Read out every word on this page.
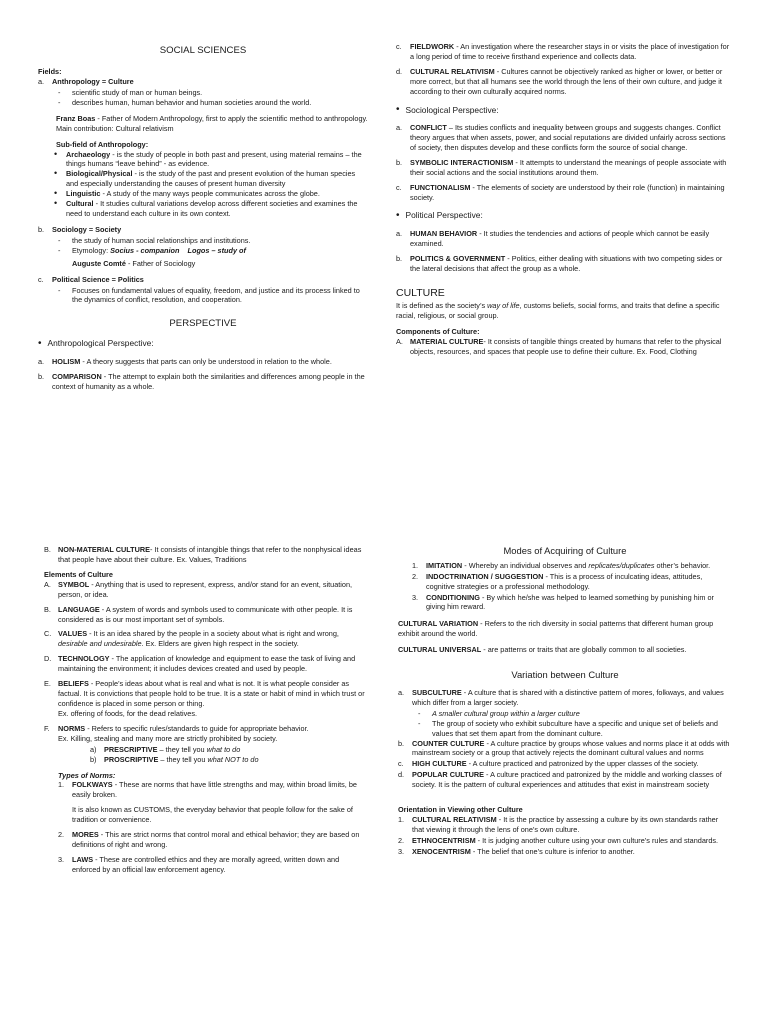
SOCIAL SCIENCES
Fields:
a.	Anthropology = Culture
-	scientific study of man or human beings.
-	describes human, human behavior and human societies around the world.
Franz Boas - Father of Modern Anthropology, first to apply the scientific method to anthropology. Main contribution: Cultural relativism
Sub-field of Anthropology:
•	Archaeology - is the study of people in both past and present, using material remains – the things humans “leave behind” - as evidence.
•	Biological/Physical - is the study of the past and present evolution of the human species and especially understanding the causes of present human diversity
•	Linguistic - A study of the many ways people communicates across the globe.
•	Cultural - It studies cultural variations develop across different societies and examines the need to understand each culture in its own context.
b.	Sociology = Society
-	the study of human social relationships and institutions.
-	Etymology: Socius - companion    Logos – study of
Auguste Comté - Father of Sociology
c.	Political Science = Politics
-	Focuses on fundamental values of equality, freedom, and justice and its process linked to the dynamics of conflict, resolution, and cooperation.
PERSPECTIVE
• Anthropological Perspective:
a.	HOLISM - A theory suggests that parts can only be understood in relation to the whole.
b.	COMPARISON - The attempt to explain both the similarities and differences among people in the context of humanity as a whole.
c.	FIELDWORK - An investigation where the researcher stays in or visits the place of investigation for a long period of time to receive firsthand experience and collects data.
d.	CULTURAL RELATIVISM - Cultures cannot be objectively ranked as higher or lower, or better or more correct, but that all humans see the world through the lens of their own culture, and judge it according to their own culturally acquired norms.
• Sociological Perspective:
a.	CONFLICT – Its studies conflicts and inequality between groups and suggests changes. Conflict theory argues that when assets, power, and social reputations are divided unfairly across sections of society, then disputes develop and these conflicts form the source of social change.
b.	SYMBOLIC INTERACTIONISM - It attempts to understand the meanings of people associate with their social actions and the social institutions around them.
c.	FUNCTIONALISM - The elements of society are understood by their role (function) in maintaining society.
• Political Perspective:
a.	HUMAN BEHAVIOR - It studies the tendencies and actions of people which cannot be easily examined.
b.	POLITICS & GOVERNMENT - Politics, either dealing with situations with two competing sides or the lateral decisions that affect the group as a whole.
CULTURE
It is defined as the society’s way of life, customs beliefs, social forms, and traits that define a specific racial, religious, or social group.
Components of Culture:
A. MATERIAL CULTURE- It consists of tangible things created by humans that refer to the physical objects, resources, and spaces that people use to define their culture. Ex. Food, Clothing
B. NON-MATERIAL CULTURE- It consists of intangible things that refer to the nonphysical ideas that people have about their culture. Ex. Values, Traditions
Elements of Culture
A. SYMBOL - Anything that is used to represent, express, and/or stand for an event, situation, person, or idea.
B. LANGUAGE - A system of words and symbols used to communicate with other people. It is considered as is our most important set of symbols.
C. VALUES - It is an idea shared by the people in a society about what is right and wrong, desirable and undesirable. Ex. Elders are given high respect in the society.
D. TECHNOLOGY - The application of knowledge and equipment to ease the task of living and maintaining the environment; it includes devices created and used by people.
E. BELIEFS - People’s ideas about what is real and what is not. It is what people consider as factual. It is convictions that people hold to be true. It is a state or habit of mind in which trust or confidence is placed in some person or thing.
Ex. offering of foods, for the dead relatives.
F.	NORMS - Refers to specific rules/standards to guide for appropriate behavior.
Ex. Killing, stealing and many more are strictly prohibited by society.
a)	PRESCRIPTIVE – they tell you what to do
b)	PROSCRIPTIVE – they tell you what NOT to do
Types of Norms:
1.	FOLKWAYS - These are norms that have little strengths and may, within broad limits, be easily broken.
It is also known as CUSTOMS, the everyday behavior that people follow for the sake of tradition or convenience.
2.	MORES - This are strict norms that control moral and ethical behavior; they are based on definitions of right and wrong.
3.	LAWS - These are controlled ethics and they are morally agreed, written down and enforced by an official law enforcement agency.
Modes of Acquiring of Culture
1.	IMITATION - Whereby an individual observes and replicates/duplicates other’s behavior.
2.	INDOCTRINATION / SUGGESTION - This is a process of inculcating ideas, attitudes, cognitive strategies or a professional methodology.
3.	CONDITIONING - By which he/she was helped to learned something by punishing him or giving him reward.
CULTURAL VARIATION - Refers to the rich diversity in social patterns that different human group exhibit around the world.
CULTURAL UNIVERSAL - are patterns or traits that are globally common to all societies.
Variation between Culture
a.	SUBCULTURE - A culture that is shared with a distinctive pattern of mores, folkways, and values which differ from a larger society.
-	A smaller cultural group within a larger culture
-	The group of society who exhibit subculture have a specific and unique set of beliefs and values that set them apart from the dominant culture.
b.	COUNTER CULTURE - A culture practice by groups whose values and norms place it at odds with mainstream society or a group that actively rejects the dominant cultural values and norms
c.	HIGH CULTURE - A culture practiced and patronized by the upper classes of the society.
d.	POPULAR CULTURE - A culture practiced and patronized by the middle and working classes of society. It is the pattern of cultural experiences and attitudes that exist in mainstream society
Orientation in Viewing other Culture
1.	CULTURAL RELATIVISM - It is the practice by assessing a culture by its own standards rather that viewing it through the lens of one’s own culture.
2.	ETHNOCENTRISM - It is judging another culture using your own culture’s rules and standards.
3.	XENOCENTRISM - The belief that one’s culture is inferior to another.
